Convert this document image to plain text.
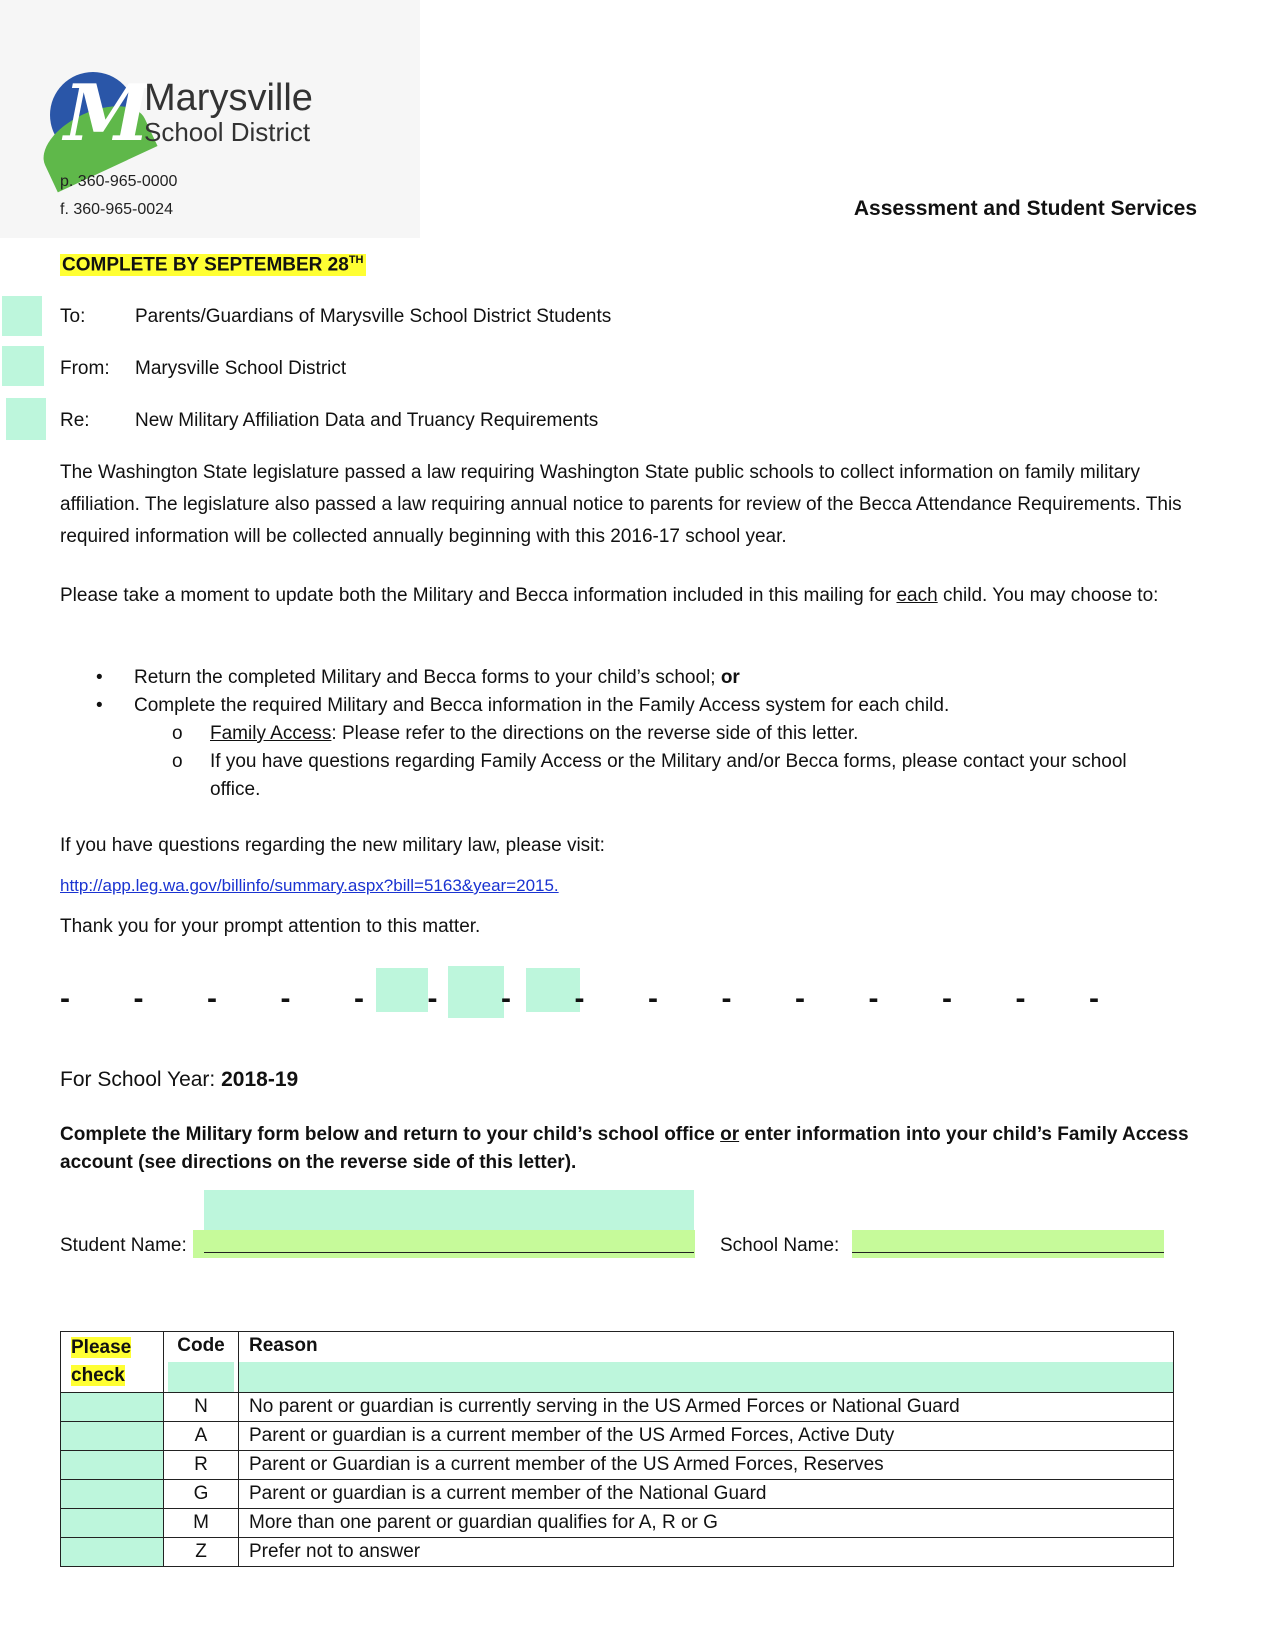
M
Marysville
School District
p. 360-965-0000
f. 360-965-0024	Assessment and Student Services
COMPLETE BY SEPTEMBER 28TH
To:	Parents/Guardians of Marysville School District Students
From: Marysville School District
Re: New Military Affiliation Data and Truancy Requirements
The Washington State legislature passed a law requiring Washington State public schools to collect information on family military affiliation. The legislature also passed a law requiring annual notice to parents for review of the Becca Attendance Requirements. This required information will be collected annually beginning with this 2016-17 school year.
Please take a moment to update both the Military and Becca information included in this mailing for each child. You may choose to:
• Return the completed Military and Becca forms to your child’s school; or
• Complete the required Military and Becca information in the Family Access system for each child.
o Family Access: Please refer to the directions on the reverse side of this letter.
o If you have questions regarding Family Access or the Military and/or Becca forms, please contact your school office.
If you have questions regarding the new military law, please visit:
http://app.leg.wa.gov/billinfo/summary.aspx?bill=5163&year=2015.
Thank you for your prompt attention to this matter.
- - - - - - - - - - - - - - -
For School Year: 2018-19
Complete the Military form below and return to your child’s school office or enter information into your child’s Family Access account (see directions on the reverse side of this letter).
Student Name:	School Name:
Please check	Code	Reason

	N	No parent or guardian is currently serving in the US Armed Forces or National Guard
	A	Parent or guardian is a current member of the US Armed Forces, Active Duty
	R	Parent or Guardian is a current member of the US Armed Forces, Reserves
	G	Parent or guardian is a current member of the National Guard
	M	More than one parent or guardian qualifies for A, R or G
	Z	Prefer not to answer
